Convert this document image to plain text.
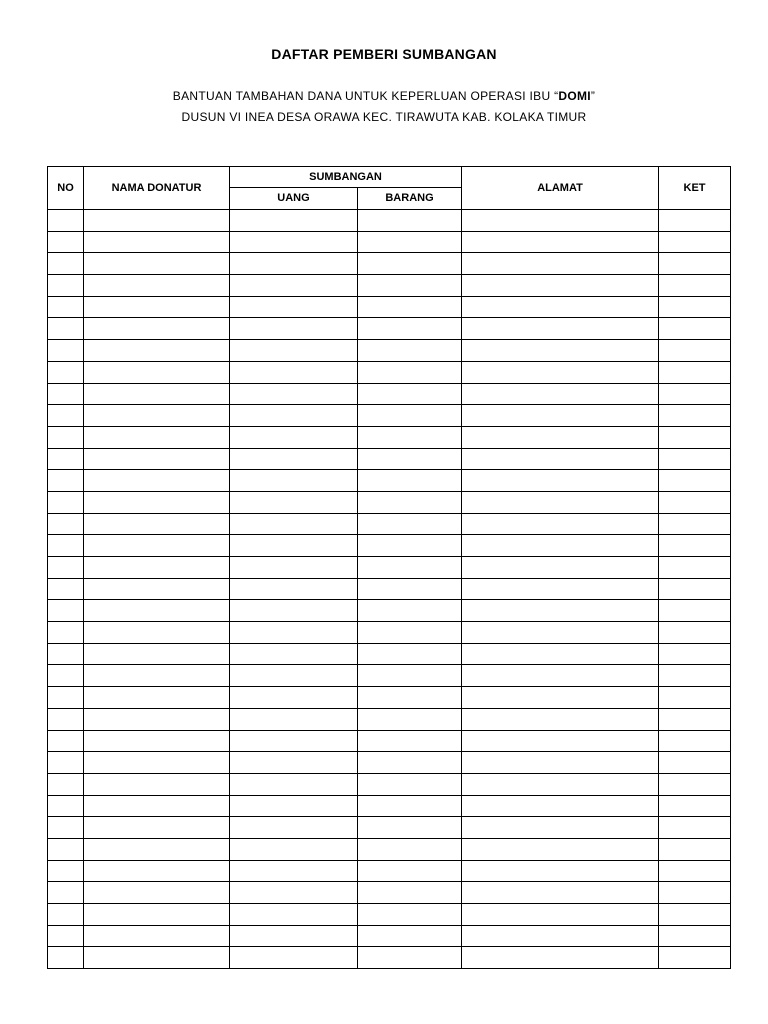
DAFTAR PEMBERI SUMBANGAN
BANTUAN TAMBAHAN DANA UNTUK KEPERLUAN OPERASI IBU “DOMI”
DUSUN VI INEA DESA ORAWA KEC. TIRAWUTA KAB. KOLAKA TIMUR
NO	NAMA DONATUR	SUMBANGAN		ALAMAT	KET
		UANG	BARANG		
